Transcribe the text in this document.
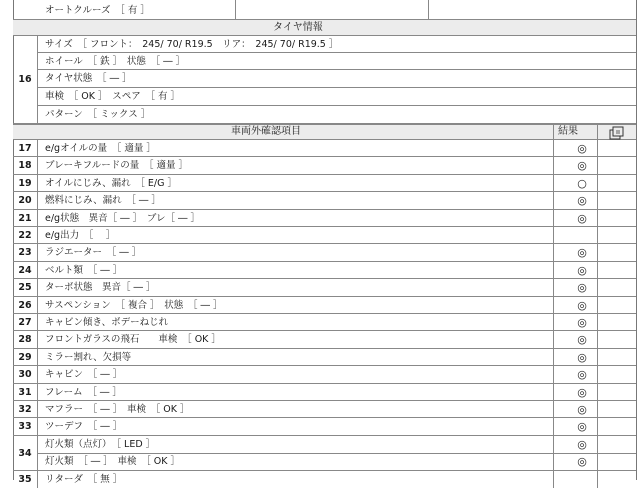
オートクルーズ　［ 有 ］
タイヤ情報
16
サイズ　［ フロント：　245/ 70/ R19.5　リア：　245/ 70/ R19.5 ］
ホイール　［ 鉄 ］　状態　［ ― ］
タイヤ状態　［ ― ］
車検　［ OK ］　スペア　［ 有 ］
パターン　［ ミックス ］
車両外確認項目	結果
17	e/gオイルの量　［ 適量 ］	◎
18	ブレーキフルードの量　［ 適量 ］	◎
19	オイルにじみ、漏れ　［ E/G ］	○
20	燃料にじみ、漏れ　［ ― ］	◎
21	e/g状態　異音［ ― ］　ブレ［ ― ］	◎
22	e/g出力　［　 ］
23	ラジエーター　［ ― ］	◎
24	ベルト類　［ ― ］	◎
25	ターボ状態　異音［ ― ］	◎
26	サスペンション　［ 複合 ］　状態　［ ― ］	◎
27	キャビン傾き、ボデーねじれ	◎
28	フロントガラスの飛石　　車検　［ OK ］	◎
29	ミラー割れ、欠損等	◎
30	キャビン　［ ― ］	◎
31	フレーム　［ ― ］	◎
32	マフラー　［ ― ］　車検　［ OK ］	◎
33	ツーデフ　［ ― ］	◎
34
灯火類（点灯）　［ LED ］	◎
灯火類　［ ― ］　車検　［ OK ］	◎
35	リターダ　［ 無 ］
